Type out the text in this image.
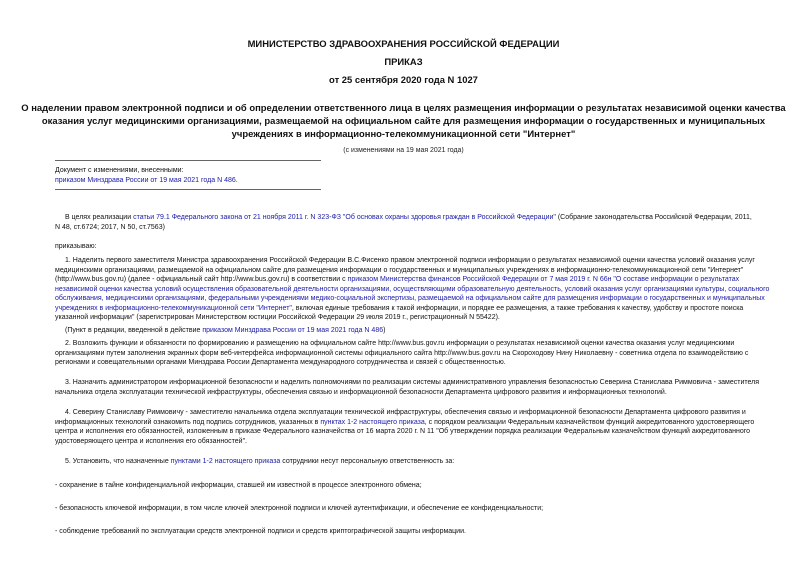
МИНИСТЕРСТВО ЗДРАВООХРАНЕНИЯ РОССИЙСКОЙ ФЕДЕРАЦИИ
ПРИКАЗ
от 25 сентября 2020 года N 1027
О наделении правом электронной подписи и об определении ответственного лица в целях размещения информации о результатах независимой оценки качества
оказания услуг медицинскими организациями, размещаемой на официальном сайте для размещения информации о государственных и муниципальных
учреждениях в информационно-телекоммуникационной сети "Интернет"
(с изменениями на 19 мая 2021 года)
Документ с изменениями, внесенными:
приказом Минздрава России от 19 мая 2021 года N 486.
В целях реализации статьи 79.1 Федерального закона от 21 ноября 2011 г. N 323-ФЗ "Об основах охраны здоровья граждан в Российской Федерации" (Собрание законодательства Российской Федерации, 2011,
N 48, ст.6724; 2017, N 50, ст.7563)
приказываю:
1. Наделить первого заместителя Министра здравоохранения Российской Федерации В.С.Фисенко правом электронной подписи информации о результатах независимой оценки качества условий оказания услуг
медицинскими организациями, размещаемой на официальном сайте для размещения информации о государственных и муниципальных учреждениях в информационно-телекоммуникационной сети "Интернет"
(http://www.bus.gov.ru) (далее - официальный сайт http://www.bus.gov.ru) в соответствии с приказом Министерства финансов Российской Федерации от 7 мая 2019 г. N 66н "О составе информации о результатах
независимой оценки качества условий осуществления образовательной деятельности организациями, осуществляющими образовательную деятельность, условий оказания услуг организациями культуры, социального
обслуживания, медицинскими организациями, федеральными учреждениями медико-социальной экспертизы, размещаемой на официальном сайте для размещения информации о государственных и муниципальных
учреждениях в информационно-телекоммуникационной сети "Интернет", включая единые требования к такой информации, и порядке ее размещения, а также требования к качеству, удобству и простоте поиска
указанной информации" (зарегистрирован Министерством юстиции Российской Федерации 29 июля 2019 г., регистрационный N 55422).
(Пункт в редакции, введенной в действие приказом Минздрава России от 19 мая 2021 года N 486)
2. Возложить функции и обязанности по формированию и размещению на официальном сайте http://www.bus.gov.ru информации о результатах независимой оценки качества оказания услуг медицинскими
организациями путем заполнения экранных форм веб-интерфейса информационной системы официального сайта http://www.bus.gov.ru на Скороходову Нину Николаевну - советника отдела по взаимодействию с
регионами и совещательными органами Минздрава России Департамента международного сотрудничества и связей с общественностью.
3. Назначить администратором информационной безопасности и наделить полномочиями по реализации системы административного управления безопасностью Северина Станислава Риммовича - заместителя
начальника отдела эксплуатации технической инфраструктуры, обеспечения связью и информационной безопасности Департамента цифрового развития и информационных технологий.
4. Северину Станиславу Риммовичу - заместителю начальника отдела эксплуатации технической инфраструктуры, обеспечения связью и информационной безопасности Департамента цифрового развития и
информационных технологий ознакомить под подпись сотрудников, указанных в пунктах 1-2 настоящего приказа, с порядком реализации Федеральным казначейством функций аккредитованного удостоверяющего
центра и исполнения его обязанностей, изложенным в приказе Федерального казначейства от 16 марта 2020 г. N 11 "Об утверждении порядка реализации Федеральным казначейством функций аккредитованного
удостоверяющего центра и исполнения его обязанностей".
5. Установить, что назначенные пунктами 1-2 настоящего приказа сотрудники несут персональную ответственность за:
- сохранение в тайне конфиденциальной информации, ставшей им известной в процессе электронного обмена;
- безопасность ключевой информации, в том числе ключей электронной подписи и ключей аутентификации, и обеспечение ее конфиденциальности;
- соблюдение требований по эксплуатации средств электронной подписи и средств криптографической защиты информации.
